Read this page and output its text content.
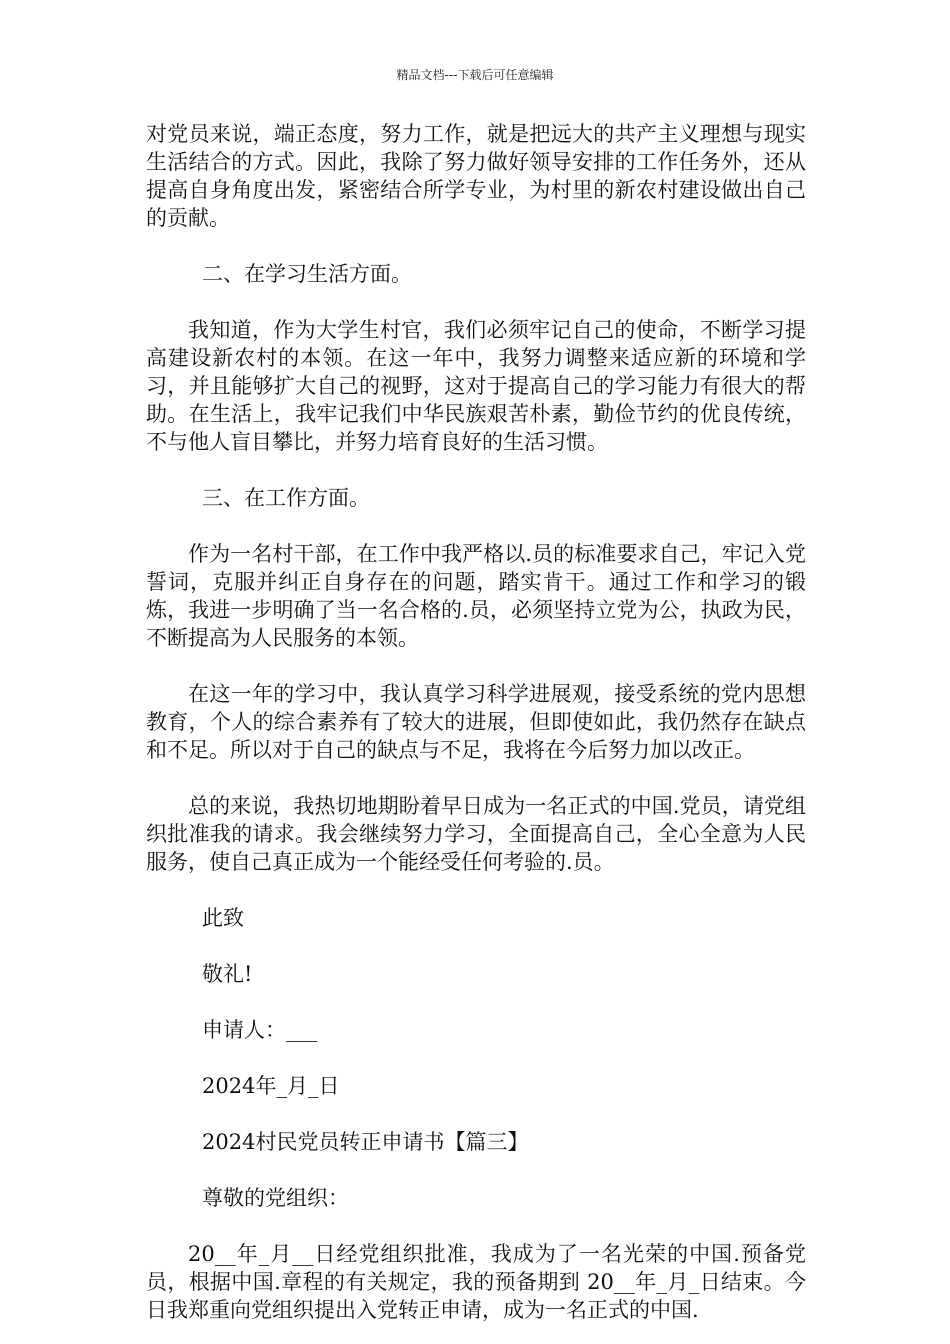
精品文档---下载后可任意编辑

对党员来说，端正态度，努力工作，就是把远大的共产主义理想与现实生活结合的方式。因此，我除了努力做好领导安排的工作任务外，还从提高自身角度出发，紧密结合所学专业，为村里的新农村建设做出自己的贡献。

二、在学习生活方面。

我知道，作为大学生村官，我们必须牢记自己的使命，不断学习提高建设新农村的本领。在这一年中，我努力调整来适应新的环境和学习，并且能够扩大自己的视野，这对于提高自己的学习能力有很大的帮助。在生活上，我牢记我们中华民族艰苦朴素，勤俭节约的优良传统，不与他人盲目攀比，并努力培育良好的生活习惯。

三、在工作方面。

作为一名村干部，在工作中我严格以.员的标准要求自己，牢记入党誓词，克服并纠正自身存在的问题，踏实肯干。通过工作和学习的锻炼，我进一步明确了当一名合格的.员，必须坚持立党为公，执政为民，不断提高为人民服务的本领。

在这一年的学习中，我认真学习科学进展观，接受系统的党内思想教育，个人的综合素养有了较大的进展，但即使如此，我仍然存在缺点和不足。所以对于自己的缺点与不足，我将在今后努力加以改正。

总的来说，我热切地期盼着早日成为一名正式的中国.党员，请党组织批准我的请求。我会继续努力学习，全面提高自己，全心全意为人民服务，使自己真正成为一个能经受任何考验的.员。

此致

敬礼!

申请人：___

2024年_月_日

2024村民党员转正申请书【篇三】

尊敬的党组织：

20__年_月__日经党组织批准，我成为了一名光荣的中国.预备党员，根据中国.章程的有关规定，我的预备期到 20__年_月_日结束。今日我郑重向党组织提出入党转正申请，成为一名正式的中国.
